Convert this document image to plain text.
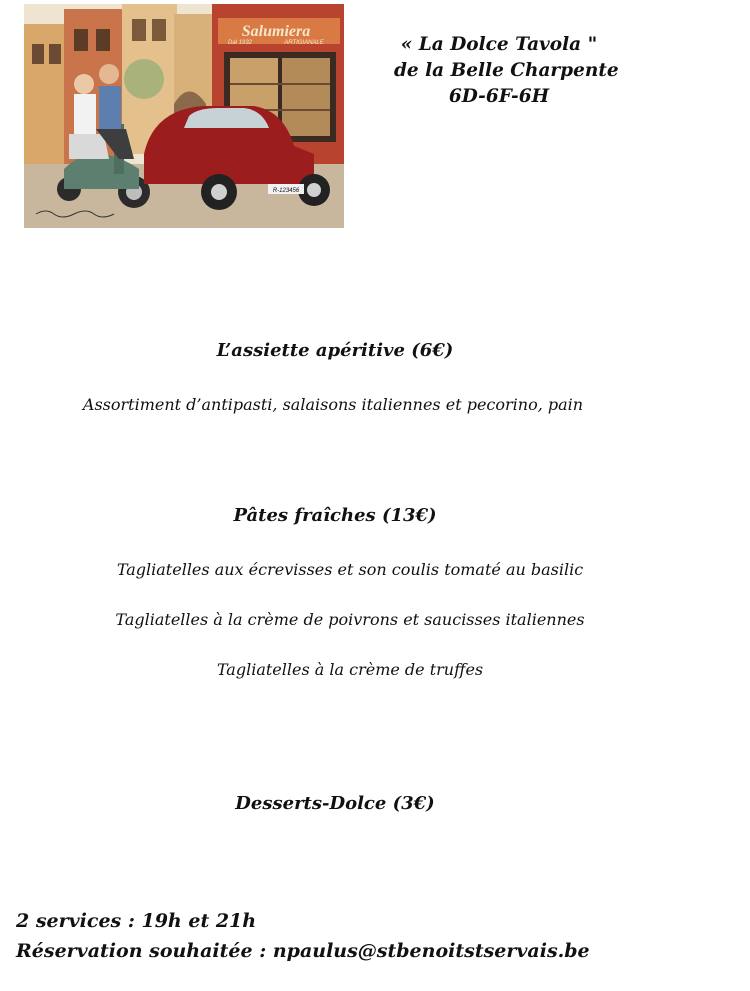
Salumiera
Dal 1932	ARTIGIANALE
R-123456
« La Dolce Tavola "
de la Belle Charpente
6D-6F-6H
L’assiette apéritive (6€)
Assortiment d’antipasti, salaisons italiennes et pecorino, pain
Pâtes fraîches (13€)
Tagliatelles aux écrevisses et son coulis tomaté au basilic
Tagliatelles à la crème de poivrons et saucisses italiennes
Tagliatelles à la crème de truffes
Desserts-Dolce (3€)
2 services : 19h et 21h
Réservation souhaitée : npaulus@stbenoitstservais.be
